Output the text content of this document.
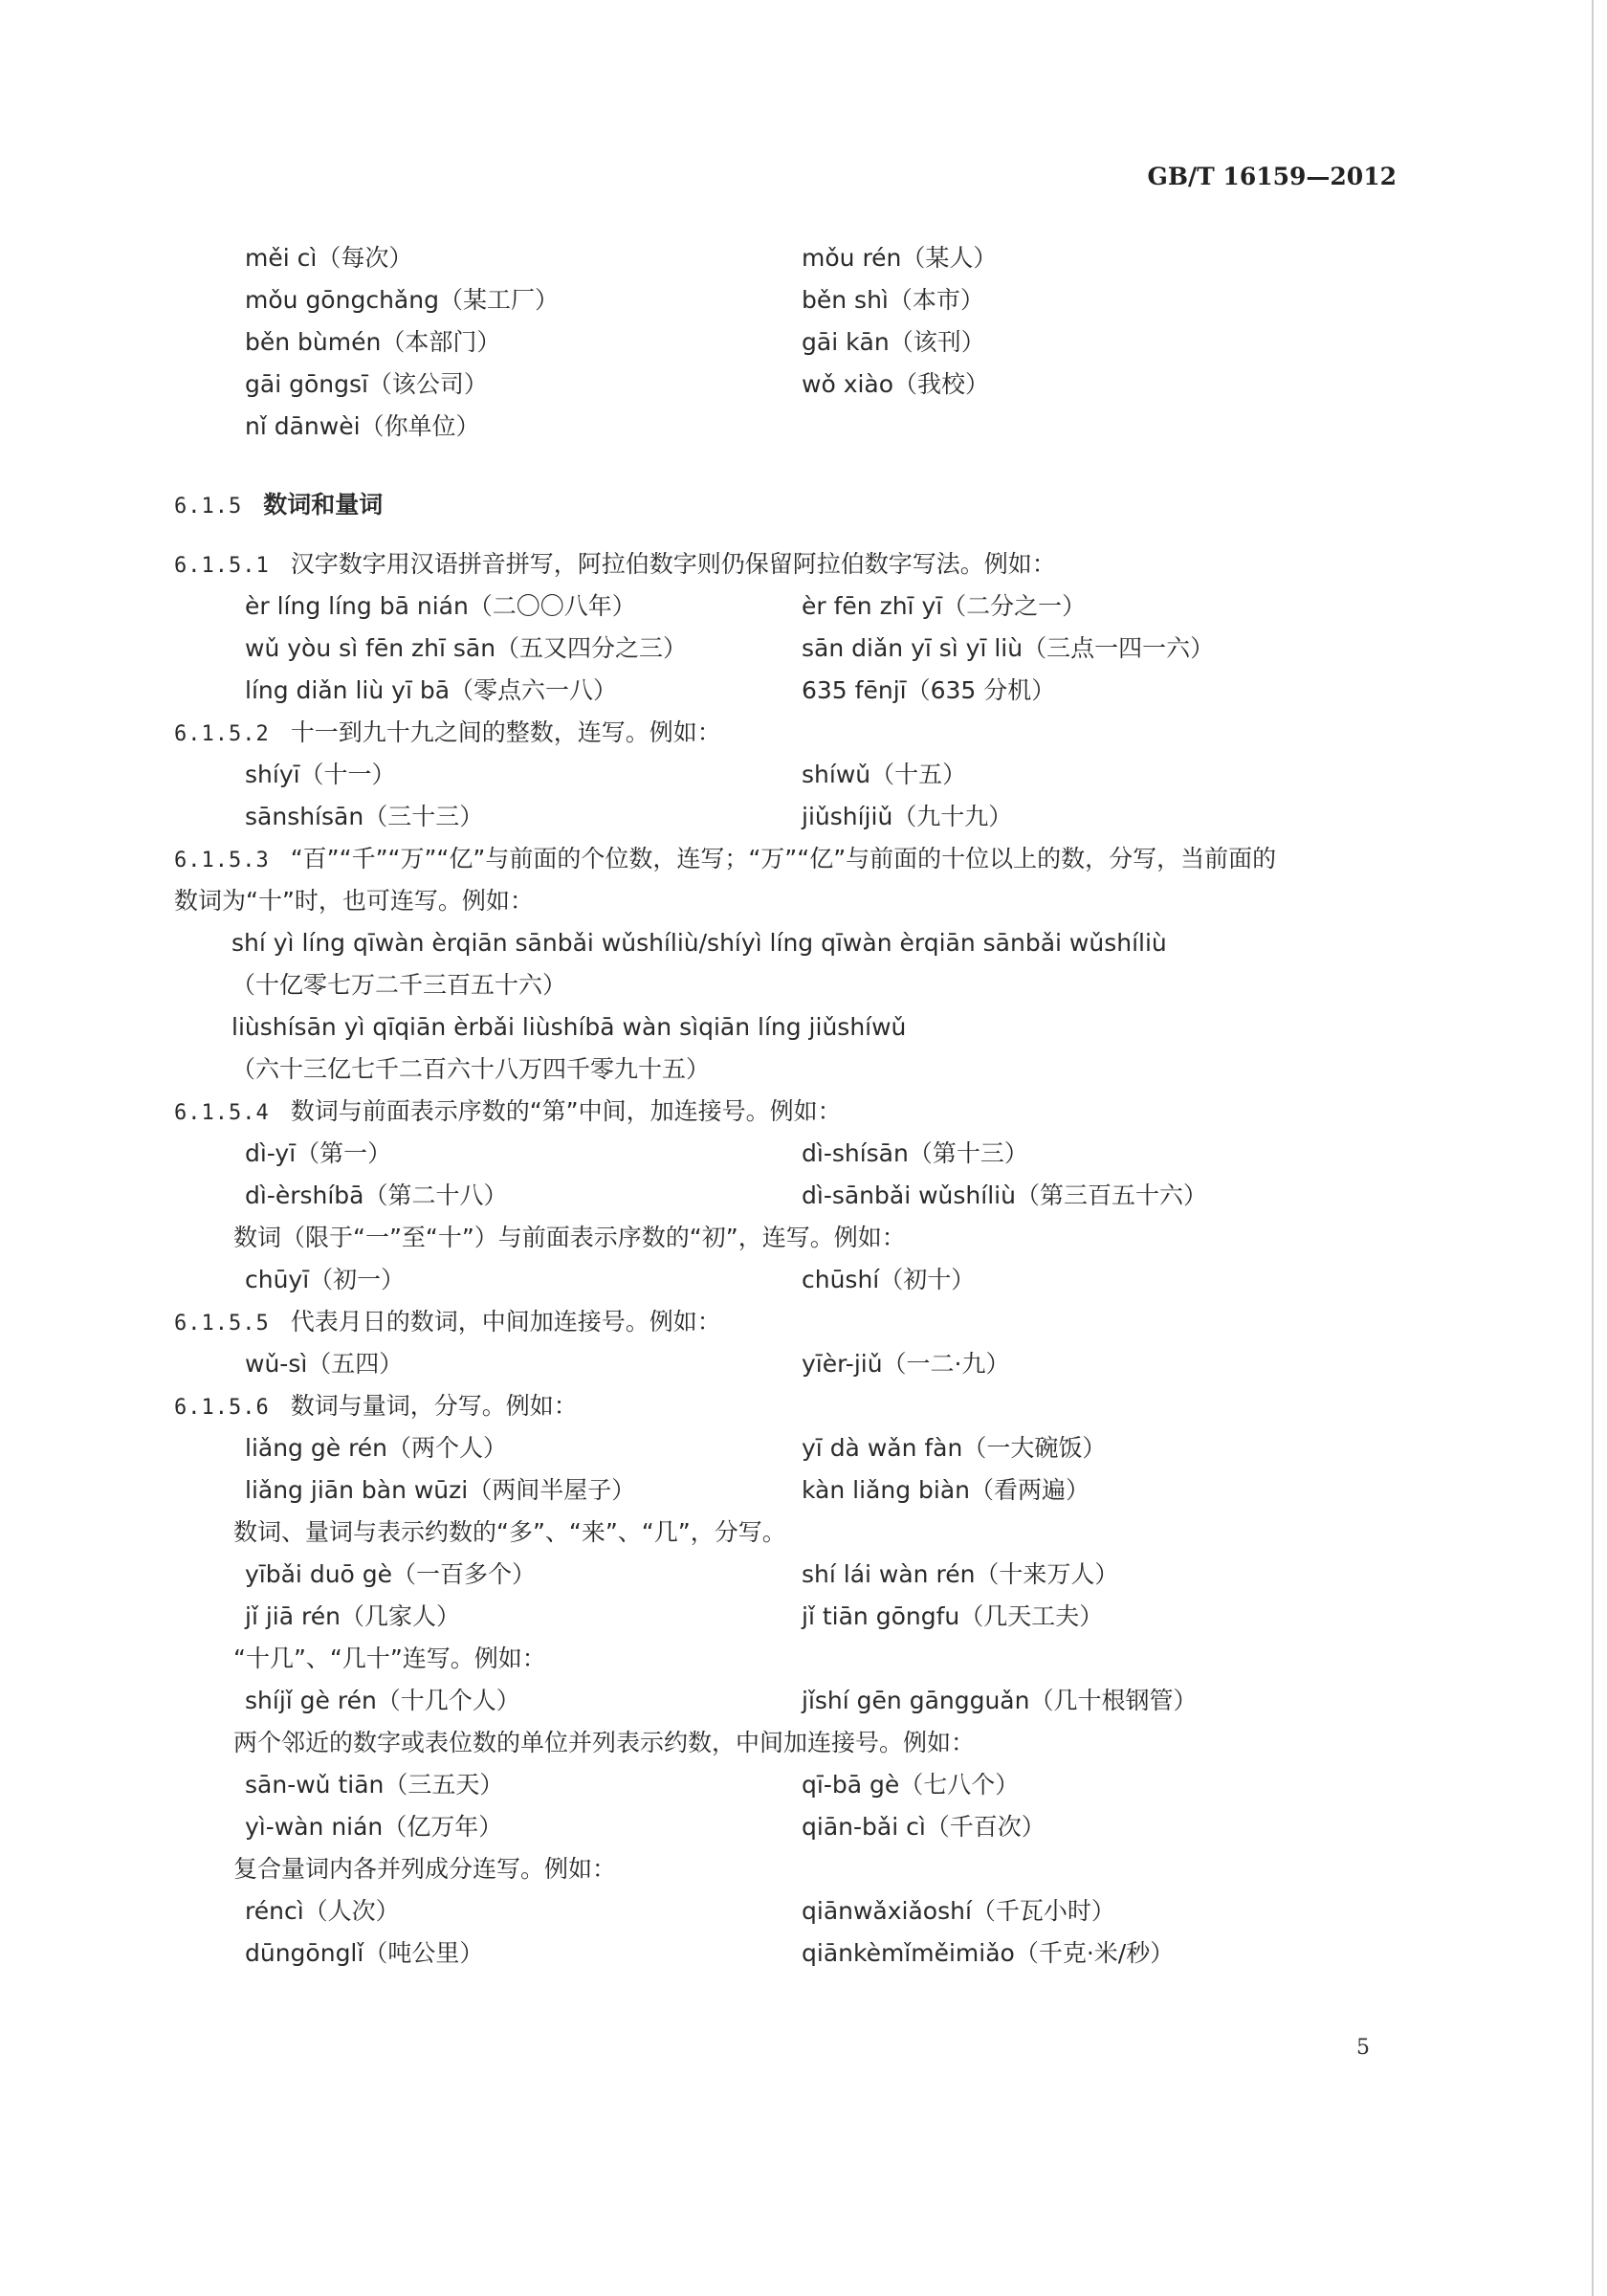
GB/T 16159—2012
měi cì（每次）	mǒu rén（某人）
mǒu gōngchǎng（某工厂）	běn shì（本市）
běn bùmén（本部门）	gāi kān（该刊）
gāi gōngsī（该公司）	wǒ xiào（我校）
nǐ dānwèi（你单位）
6.1.5 数词和量词
6.1.5.1 汉字数字用汉语拼音拼写，阿拉伯数字则仍保留阿拉伯数字写法。例如：
èr líng líng bā nián（二〇〇八年）	èr fēn zhī yī（二分之一）
wǔ yòu sì fēn zhī sān（五又四分之三）	sān diǎn yī sì yī liù（三点一四一六）
líng diǎn liù yī bā（零点六一八）	635 fēnjī（635 分机）
6.1.5.2 十一到九十九之间的整数，连写。例如：
shíyī（十一）	shíwǔ（十五）
sānshísān（三十三）	jiǔshíjiǔ（九十九）
6.1.5.3 “百”“千”“万”“亿”与前面的个位数，连写；“万”“亿”与前面的十位以上的数，分写，当前面的
数词为“十”时，也可连写。例如：
shí yì líng qīwàn èrqiān sānbǎi wǔshíliù/shíyì líng qīwàn èrqiān sānbǎi wǔshíliù
（十亿零七万二千三百五十六）
liùshísān yì qīqiān èrbǎi liùshíbā wàn sìqiān líng jiǔshíwǔ
（六十三亿七千二百六十八万四千零九十五）
6.1.5.4 数词与前面表示序数的“第”中间，加连接号。例如：
dì-yī（第一）	dì-shísān（第十三）
dì-èrshíbā（第二十八）	dì-sānbǎi wǔshíliù（第三百五十六）
数词（限于“一”至“十”）与前面表示序数的“初”，连写。例如：
chūyī（初一）	chūshí（初十）
6.1.5.5 代表月日的数词，中间加连接号。例如：
wǔ-sì（五四）	yīèr-jiǔ（一二·九）
6.1.5.6 数词与量词，分写。例如：
liǎng gè rén（两个人）	yī dà wǎn fàn（一大碗饭）
liǎng jiān bàn wūzi（两间半屋子）	kàn liǎng biàn（看两遍）
数词、量词与表示约数的“多”、“来”、“几”，分写。
yībǎi duō gè（一百多个）	shí lái wàn rén（十来万人）
jǐ jiā rén（几家人）	jǐ tiān gōngfu（几天工夫）
“十几”、“几十”连写。例如：
shíjǐ gè rén（十几个人）	jǐshí gēn gāngguǎn（几十根钢管）
两个邻近的数字或表位数的单位并列表示约数，中间加连接号。例如：
sān-wǔ tiān（三五天）	qī-bā gè（七八个）
yì-wàn nián（亿万年）	qiān-bǎi cì（千百次）
复合量词内各并列成分连写。例如：
réncì（人次）	qiānwǎxiǎoshí（千瓦小时）
dūngōnglǐ（吨公里）	qiānkèmǐměimiǎo（千克·米/秒）
5
